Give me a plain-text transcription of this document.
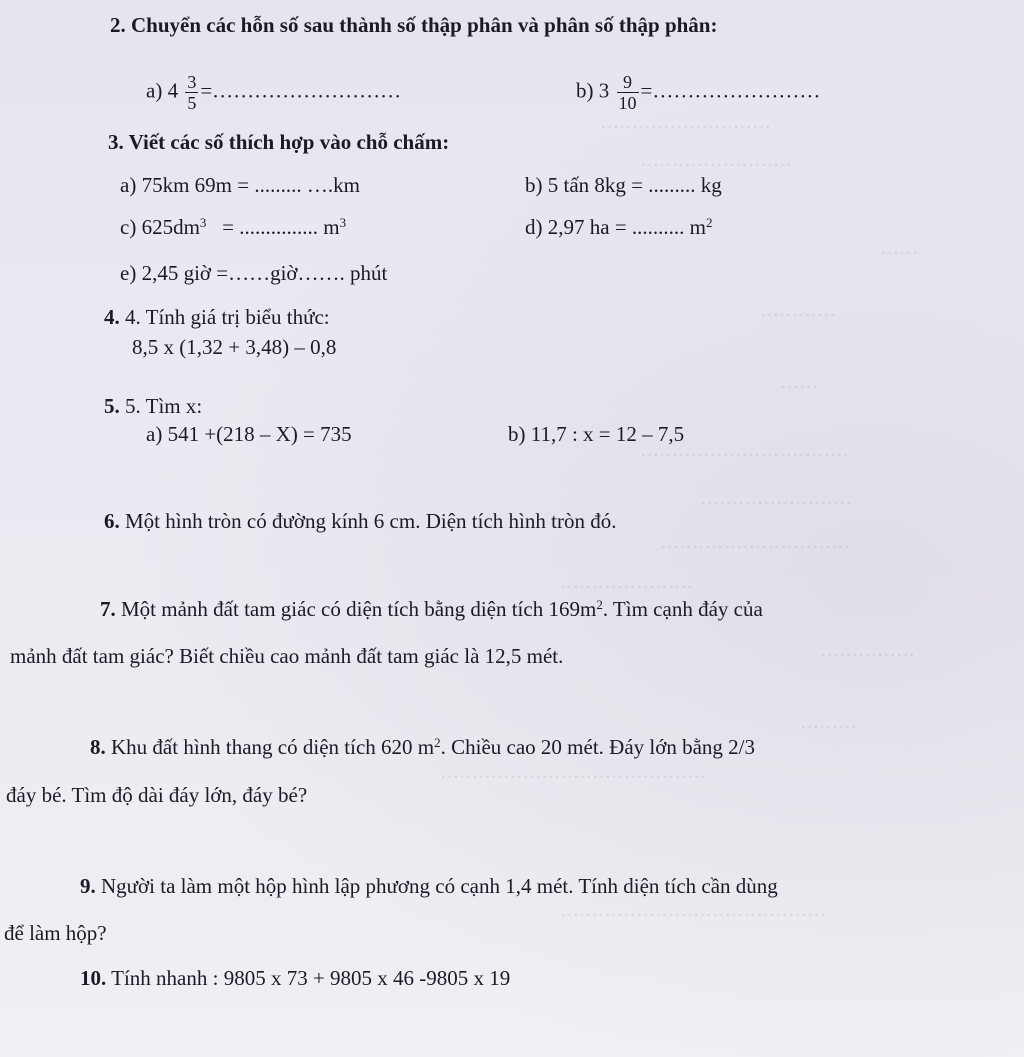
………………………
……………………
……
…………
……
……………………………
……………………
…………………………
…………………
……………
………
……………………………………
……………………………………
2. Chuyển các hỗn số sau thành số thập phân và phân số thập phân:
a) $4 \frac{3}{5}$ =………………………	b) $3 \frac{9}{10}$ =……………………
3. Viết các số thích hợp vào chỗ chấm:
a) 75km 69m = ......... ….km	b) 5 tấn 8kg = ......... kg
c) $625dm^3$ = ............... $m^3$	d) 2,97 ha = .......... $m^2$
e) 2,45 giờ =……giờ……. phút
4. 4. Tính giá trị biểu thức:
8,5 x (1,32 + 3,48) – 0,8
5. 5. Tìm x:
a) 541 +(218 – X) = 735	b) 11,7 : x = 12 – 7,5
6. Một hình tròn có đường kính 6 cm. Diện tích hình tròn đó.
7. Một mảnh đất tam giác có diện tích bằng diện tích $169m^2$. Tìm cạnh đáy của
mảnh đất tam giác? Biết chiều cao mảnh đất tam giác là 12,5 mét.
8. Khu đất hình thang có diện tích 620 $m^2$. Chiều cao 20 mét. Đáy lớn bằng 2/3
đáy bé. Tìm độ dài đáy lớn, đáy bé?
9. Người ta làm một hộp hình lập phương có cạnh 1,4 mét. Tính diện tích cần dùng
để làm hộp?
10. Tính nhanh : 9805 x 73 + 9805 x 46 -9805 x 19
